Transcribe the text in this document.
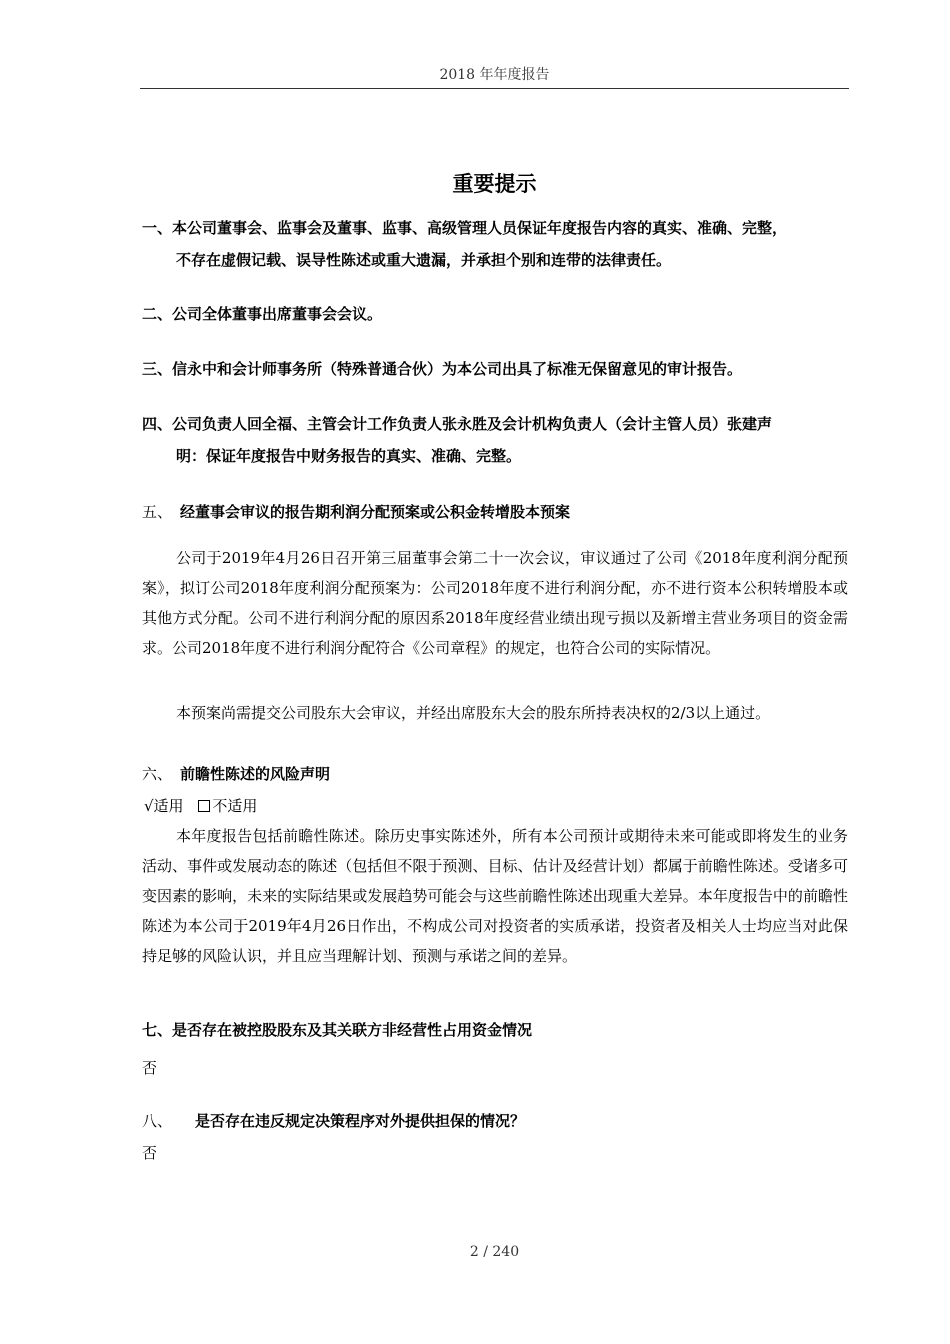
2018 年年度报告
重要提示
一、本公司董事会、监事会及董事、监事、高级管理人员保证年度报告内容的真实、准确、完整，
不存在虚假记载、误导性陈述或重大遗漏，并承担个别和连带的法律责任。
二、公司全体董事出席董事会会议。
三、信永中和会计师事务所（特殊普通合伙）为本公司出具了标准无保留意见的审计报告。
四、公司负责人回全福、主管会计工作负责人张永胜及会计机构负责人（会计主管人员）张建声
明：保证年度报告中财务报告的真实、准确、完整。
五、 经董事会审议的报告期利润分配预案或公积金转增股本预案
公司于2019年4月26日召开第三届董事会第二十一次会议，审议通过了公司《2018年度利润分配预案》，拟订公司2018年度利润分配预案为：公司2018年度不进行利润分配，亦不进行资本公积转增股本或其他方式分配。公司不进行利润分配的原因系2018年度经营业绩出现亏损以及新增主营业务项目的资金需求。公司2018年度不进行利润分配符合《公司章程》的规定，也符合公司的实际情况。
本预案尚需提交公司股东大会审议，并经出席股东大会的股东所持表决权的2/3以上通过。
六、 前瞻性陈述的风险声明
√适用 不适用
本年度报告包括前瞻性陈述。除历史事实陈述外，所有本公司预计或期待未来可能或即将发生的业务活动、事件或发展动态的陈述（包括但不限于预测、目标、估计及经营计划）都属于前瞻性陈述。受诸多可变因素的影响，未来的实际结果或发展趋势可能会与这些前瞻性陈述出现重大差异。本年度报告中的前瞻性陈述为本公司于2019年4月26日作出，不构成公司对投资者的实质承诺，投资者及相关人士均应当对此保持足够的风险认识，并且应当理解计划、预测与承诺之间的差异。
七、是否存在被控股股东及其关联方非经营性占用资金情况
否
八、 是否存在违反规定决策程序对外提供担保的情况？
否
2 / 240
